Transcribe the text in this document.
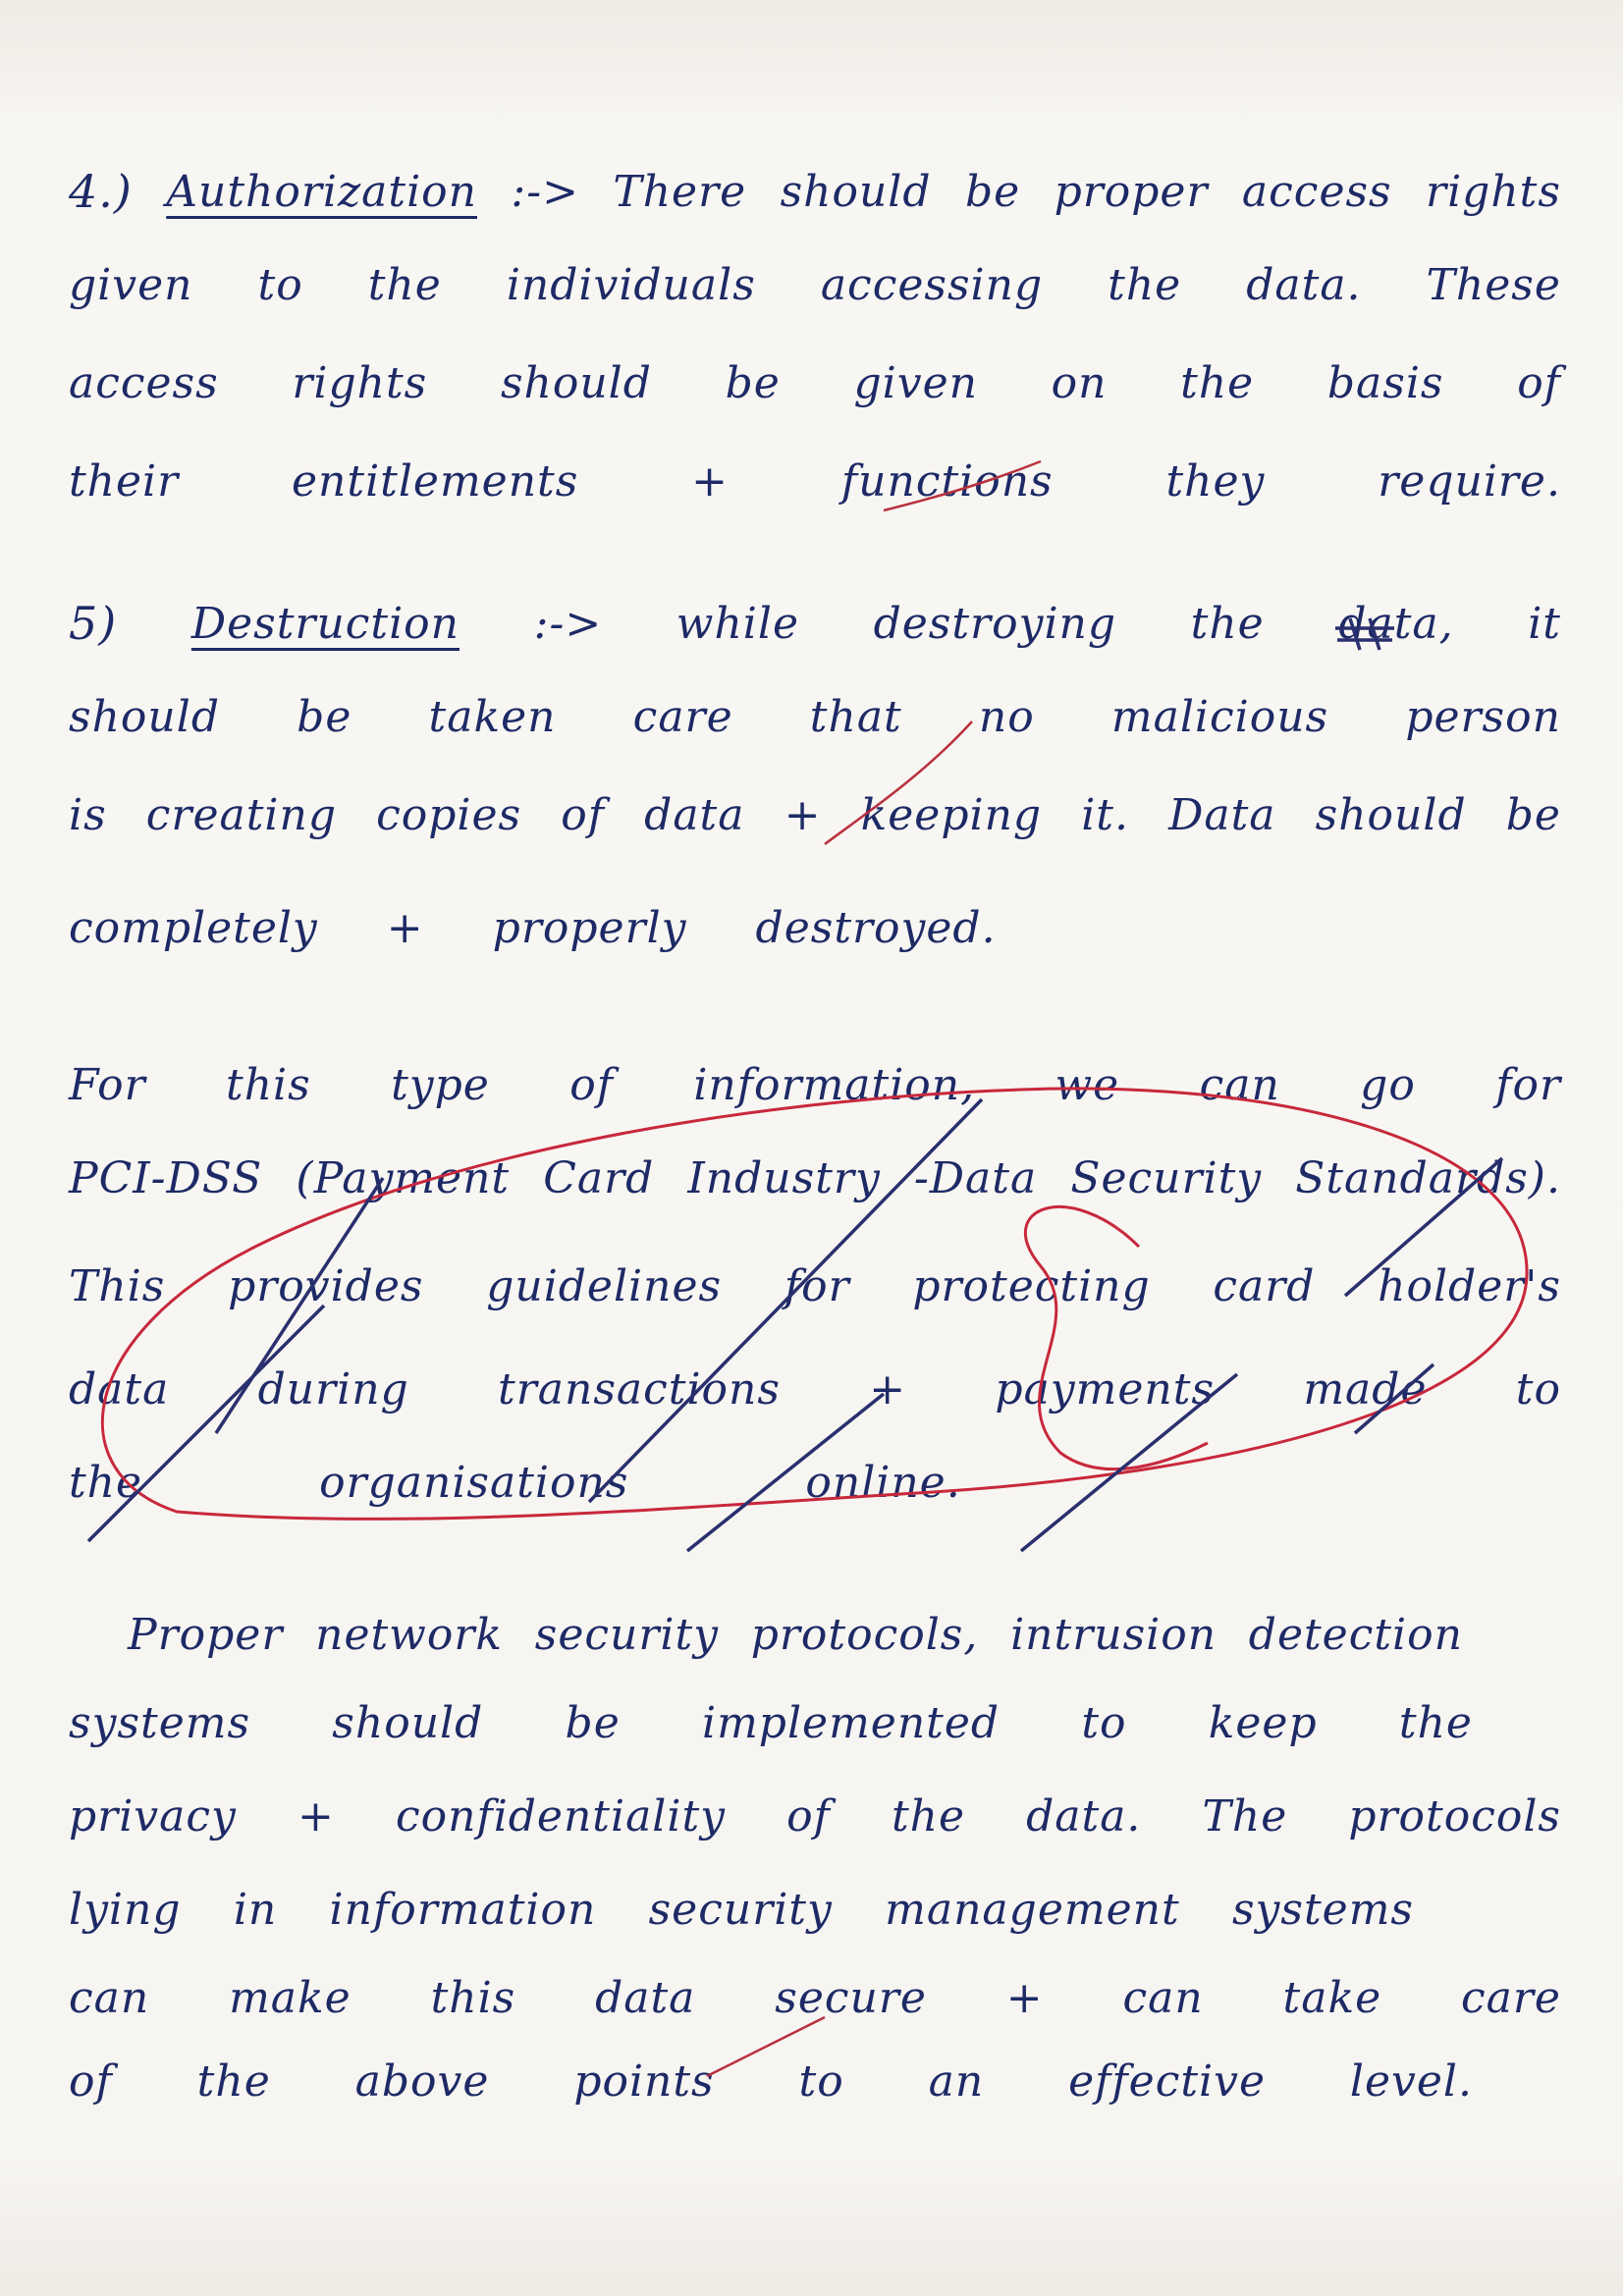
4.) Authorization :-> There should be proper access rights
given to the individuals accessing the data. These
access rights should be given on the basis of
their	entitlements	+	functions	they	require.
5) Destruction :-> while destroying the data, it
should be taken care that no malicious person
is creating copies of data + keeping it. Data should be
completely + properly destroyed.
For this type of information, we can go for
PCI-DSS (Payment Card Industry -Data Security Standards).
This provides guidelines for protecting card holder's
data during transactions + payments made to
the	organisations	online.
Proper network security protocols, intrusion detection
systems should be implemented to keep the
privacy + confidentiality of the data. The protocols
lying in information security management systems
can make this data secure + can take care
of the above points to an effective level.
